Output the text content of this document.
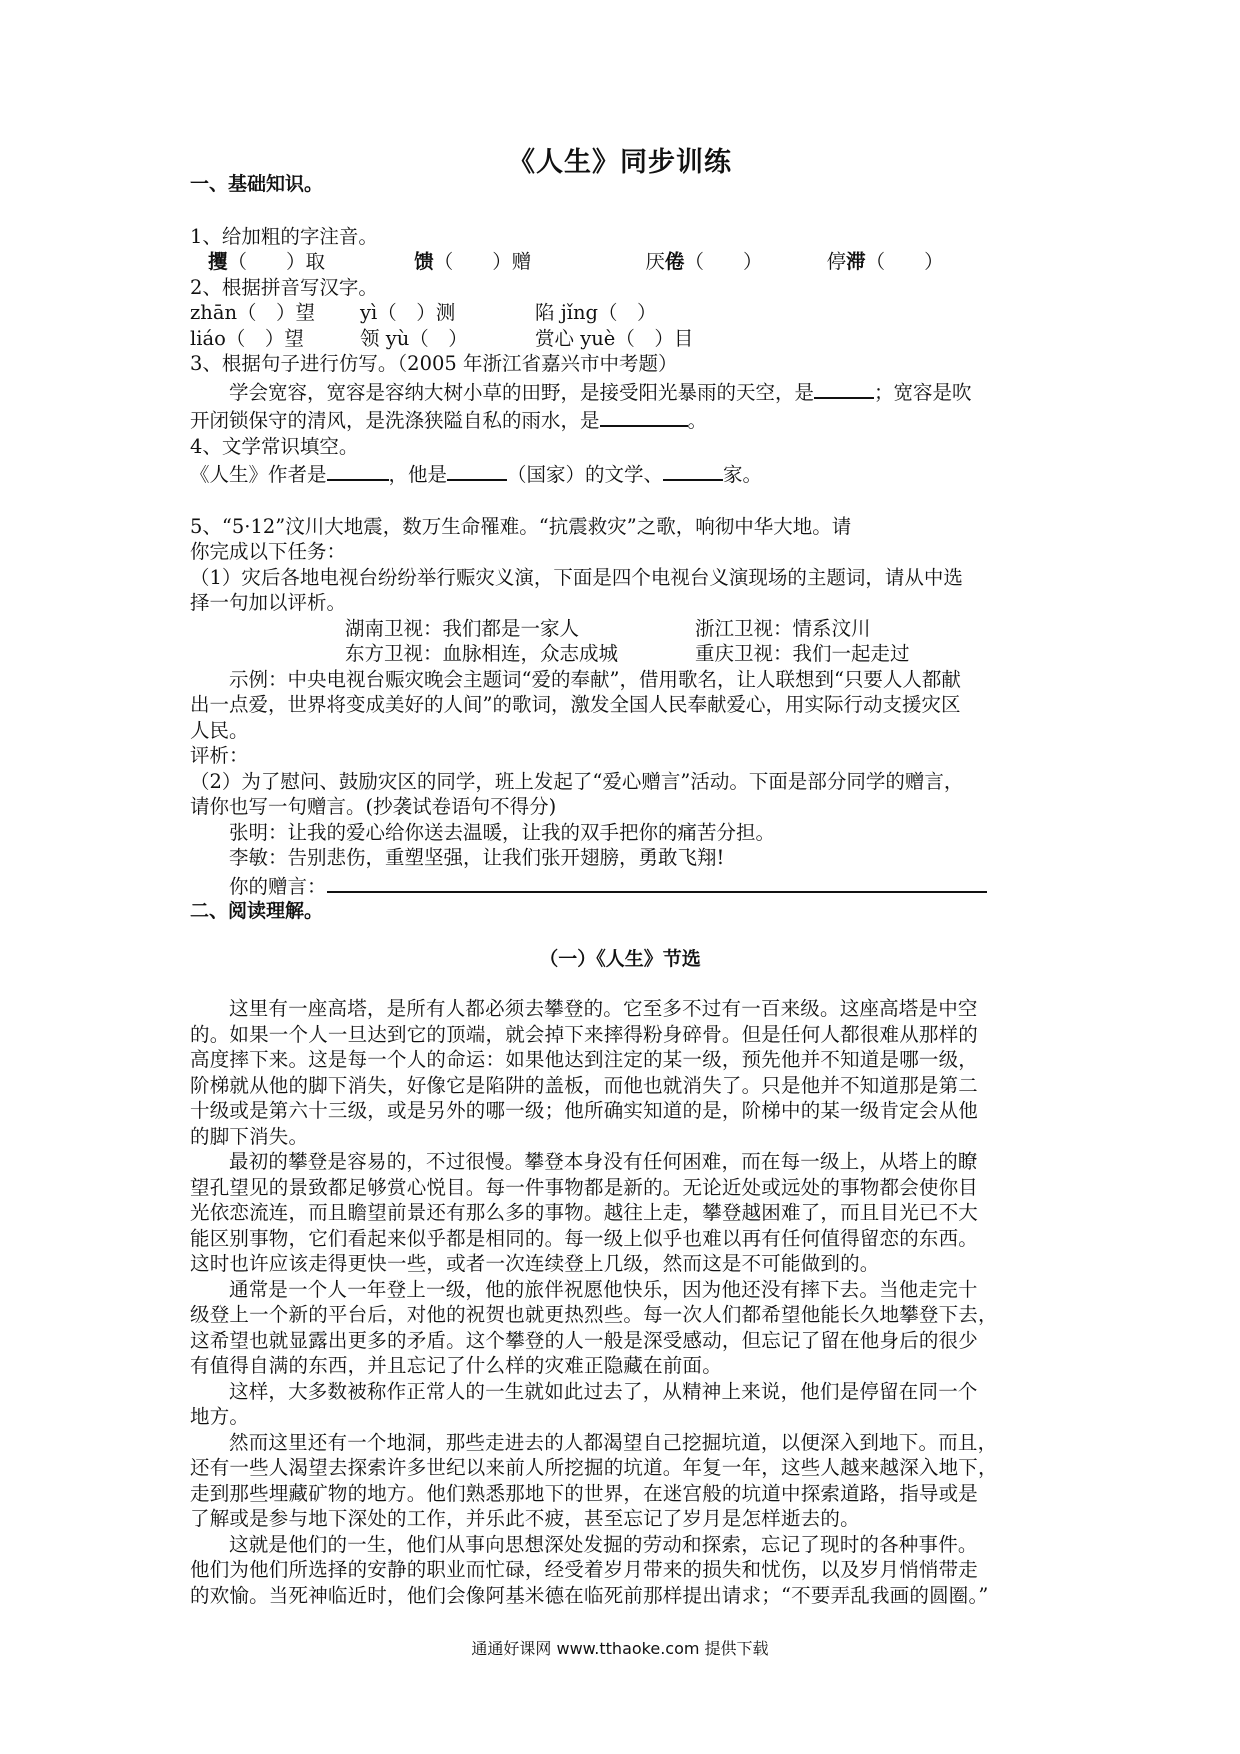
《人生》同步训练
一、基础知识。
1、给加粗的字注音。
攫（　　）取	馈（　　）赠	厌倦（　　）	停滞（　　）
2、根据拼音写汉字。
zhān（　）望 yì（　）测	陷 jǐng（　）
liáo（　）望	领 yù（　）	赏心 yuè（　）目
3、根据句子进行仿写。（2005 年浙江省嘉兴市中考题）
学会宽容，宽容是容纳大树小草的田野，是接受阳光暴雨的天空，是	；宽容是吹
开闭锁保守的清风，是洗涤狭隘自私的雨水，是	。
4、文学常识填空。
《人生》作者是	，他是	（国家）的文学、	家。
5、“5·12”汶川大地震，数万生命罹难。“抗震救灾”之歌，响彻中华大地。请
你完成以下任务：
（1）灾后各地电视台纷纷举行赈灾义演，下面是四个电视台义演现场的主题词，请从中选
择一句加以评析。
湖南卫视：我们都是一家人	浙江卫视：情系汶川
东方卫视：血脉相连，众志成城	重庆卫视：我们一起走过
示例：中央电视台赈灾晚会主题词“爱的奉献”，借用歌名，让人联想到“只要人人都献
出一点爱，世界将变成美好的人间”的歌词，激发全国人民奉献爱心，用实际行动支援灾区
人民。
评析：
（2）为了慰问、鼓励灾区的同学，班上发起了“爱心赠言”活动。下面是部分同学的赠言，
请你也写一句赠言。(抄袭试卷语句不得分)
张明：让我的爱心给你送去温暖，让我的双手把你的痛苦分担。
李敏：告别悲伤，重塑坚强，让我们张开翅膀，勇敢飞翔!
你的赠言：
二、阅读理解。
（一）《人生》节选
这里有一座高塔，是所有人都必须去攀登的。它至多不过有一百来级。这座高塔是中空
的。如果一个人一旦达到它的顶端，就会掉下来摔得粉身碎骨。但是任何人都很难从那样的
高度摔下来。这是每一个人的命运：如果他达到注定的某一级，预先他并不知道是哪一级，
阶梯就从他的脚下消失，好像它是陷阱的盖板，而他也就消失了。只是他并不知道那是第二
十级或是第六十三级，或是另外的哪一级；他所确实知道的是，阶梯中的某一级肯定会从他
的脚下消失。
最初的攀登是容易的，不过很慢。攀登本身没有任何困难，而在每一级上，从塔上的瞭
望孔望见的景致都足够赏心悦目。每一件事物都是新的。无论近处或远处的事物都会使你目
光依恋流连，而且瞻望前景还有那么多的事物。越往上走，攀登越困难了，而且目光已不大
能区别事物，它们看起来似乎都是相同的。每一级上似乎也难以再有任何值得留恋的东西。
这时也许应该走得更快一些，或者一次连续登上几级，然而这是不可能做到的。
通常是一个人一年登上一级，他的旅伴祝愿他快乐，因为他还没有摔下去。当他走完十
级登上一个新的平台后，对他的祝贺也就更热烈些。每一次人们都希望他能长久地攀登下去，
这希望也就显露出更多的矛盾。这个攀登的人一般是深受感动，但忘记了留在他身后的很少
有值得自满的东西，并且忘记了什么样的灾难正隐藏在前面。
这样，大多数被称作正常人的一生就如此过去了，从精神上来说，他们是停留在同一个
地方。
然而这里还有一个地洞，那些走进去的人都渴望自己挖掘坑道，以便深入到地下。而且，
还有一些人渴望去探索许多世纪以来前人所挖掘的坑道。年复一年，这些人越来越深入地下，
走到那些埋藏矿物的地方。他们熟悉那地下的世界，在迷宫般的坑道中探索道路，指导或是
了解或是参与地下深处的工作，并乐此不疲，甚至忘记了岁月是怎样逝去的。
这就是他们的一生，他们从事向思想深处发掘的劳动和探索，忘记了现时的各种事件。
他们为他们所选择的安静的职业而忙碌，经受着岁月带来的损失和忧伤，以及岁月悄悄带走
的欢愉。当死神临近时，他们会像阿基米德在临死前那样提出请求；“不要弄乱我画的圆圈。”
通通好课网 www.tthaoke.com 提供下载
